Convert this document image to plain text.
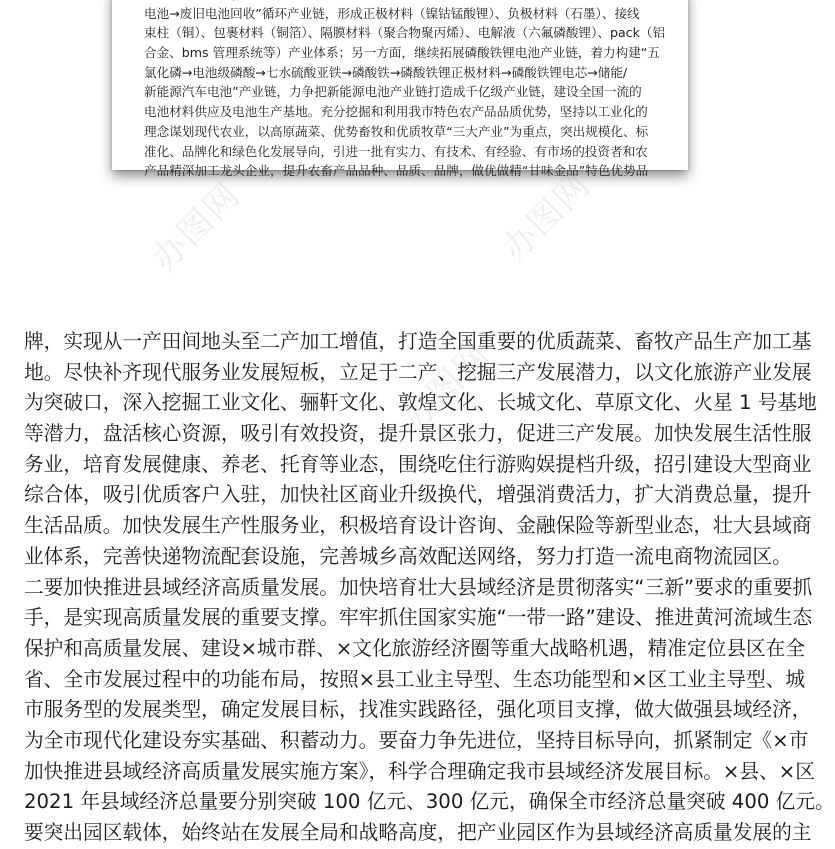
电池→废旧电池回收”循环产业链，形成正极材料（镍钴锰酸锂）、负极材料（石墨）、接线
束柱（铜）、包裹材料（铜箔）、隔膜材料（聚合物聚丙烯）、电解液（六氟磷酸锂）、pack（铝
合金、bms 管理系统等）产业体系；另一方面，继续拓展磷酸铁锂电池产业链，着力构建“五
氯化磷→电池级磷酸→七水硫酸亚铁→磷酸铁→磷酸铁锂正极材料→磷酸铁锂电芯→储能/
新能源汽车电池”产业链，力争把新能源电池产业链打造成千亿级产业链，建设全国一流的
电池材料供应及电池生产基地。充分挖掘和利用我市特色农产品品质优势，坚持以工业化的
理念谋划现代农业，以高原蔬菜、优势畜牧和优质牧草“三大产业”为重点，突出规模化、标
准化、品牌化和绿色化发展导向，引进一批有实力、有技术、有经验、有市场的投资者和农
产品精深加工龙头企业，提升农畜产品品种、品质、品牌，做优做精“甘味金品”特色优势品
办图网	办图网
办图网
牌，实现从一产田间地头至二产加工增值，打造全国重要的优质蔬菜、畜牧产品生产加工基
地。尽快补齐现代服务业发展短板，立足于二产、挖掘三产发展潜力，以文化旅游产业发展
为突破口，深入挖掘工业文化、骊靬文化、敦煌文化、长城文化、草原文化、火星 1 号基地
等潜力，盘活核心资源，吸引有效投资，提升景区张力，促进三产发展。加快发展生活性服
务业，培育发展健康、养老、托育等业态，围绕吃住行游购娱提档升级，招引建设大型商业
综合体，吸引优质客户入驻，加快社区商业升级换代，增强消费活力，扩大消费总量，提升
生活品质。加快发展生产性服务业，积极培育设计咨询、金融保险等新型业态，壮大县域商
业体系，完善快递物流配套设施，完善城乡高效配送网络，努力打造一流电商物流园区。
二要加快推进县域经济高质量发展。加快培育壮大县域经济是贯彻落实“三新”要求的重要抓
手，是实现高质量发展的重要支撑。牢牢抓住国家实施“一带一路”建设、推进黄河流域生态
保护和高质量发展、建设×城市群、×文化旅游经济圈等重大战略机遇，精准定位县区在全
省、全市发展过程中的功能布局，按照×县工业主导型、生态功能型和×区工业主导型、城
市服务型的发展类型，确定发展目标，找准实践路径，强化项目支撑，做大做强县域经济，
为全市现代化建设夯实基础、积蓄动力。要奋力争先进位，坚持目标导向，抓紧制定《×市
加快推进县域经济高质量发展实施方案》，科学合理确定我市县域经济发展目标。×县、×区
2021 年县域经济总量要分别突破 100 亿元、300 亿元，确保全市经济总量突破 400 亿元。
要突出园区载体，始终站在发展全局和战略高度，把产业园区作为县域经济高质量发展的主
